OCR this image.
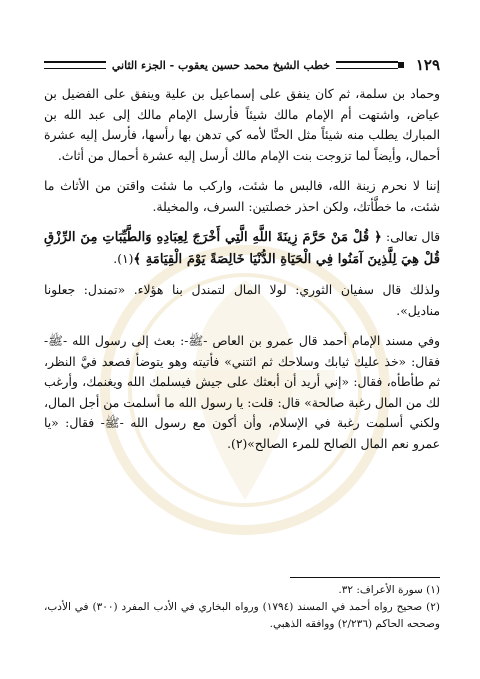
١٢٩
خطب الشيخ محمد حسين يعقوب - الجزء الثاني

وحماد بن سلمة، ثم كان ينفق على إسماعيل بن علية وينفق على الفضيل بن عياض، واشتهت أم الإمام مالك شيئاً فأرسل الإمام مالك إلى عبد الله بن المبارك يطلب منه شيئاً مثل الحنَّا لأمه كي تدهن بها رأسها، فأرسل إليه عشرة أحمال، وأيضاً لما تزوجت بنت الإمام مالك أرسل إليه عشرة أحمال من أثاث.

إننا لا نحرم زينة الله، فالبس ما شئت، واركب ما شئت واقتن من الأثاث ما شئت، ما خطَّأتك، ولكن احذر خصلتين: السرف، والمخيلة.

قال تعالى: ﴿ قُلْ مَنْ حَرَّمَ زِينَةَ اللَّهِ الَّتِي أَخْرَجَ لِعِبَادِهِ وَالطَّيِّبَاتِ مِنَ الرِّزْقِ قُلْ هِيَ لِلَّذِينَ آمَنُوا فِي الْحَيَاةِ الدُّنْيَا خَالِصَةً يَوْمَ الْقِيَامَةِ ﴾(١).

ولذلك قال سفيان الثوري: لولا المال لتمندل بنا هؤلاء. «تمندل: جعلونا مناديل».

وفي مسند الإمام أحمد قال عمرو بن العاص -ﷺ-: بعث إلى رسول الله -ﷺ- فقال: «خذ عليك ثيابك وسلاحك ثم ائتني» فأتيته وهو يتوضأ فصعد فيَّ النظر، ثم طأطأه، فقال: «إني أريد أن أبعثك على جيش فيسلمك الله ويغنمك، وأرغب لك من المال رغبة صالحة» قال: قلت: يا رسول الله ما أسلمت من أجل المال، ولكني أسلمت رغبة في الإسلام، وأن أكون مع رسول الله -ﷺ- فقال: «يا عمرو نعم المال الصالح للمرء الصالح»(٢).

(١) سورة الأعراف: ٣٢.

(٢) صحيح رواه أحمد في المسند (١٧٩٤) ورواه البخاري في الأدب المفرد (٣٠٠) في الأدب، وصححه الحاكم (٢/٢٣٦) ووافقه الذهبي.
